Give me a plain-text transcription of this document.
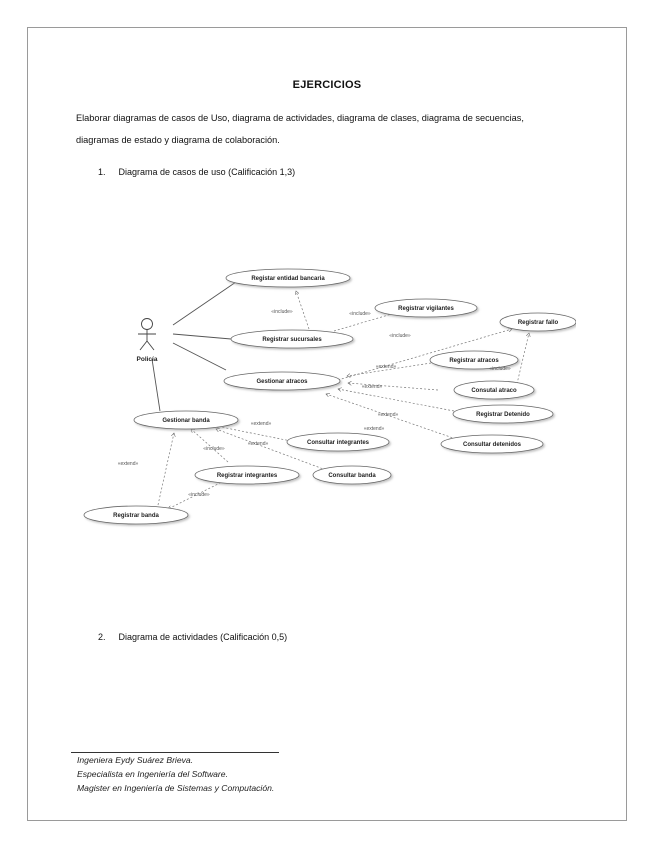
EJERCICIOS
Elaborar diagramas de casos de Uso, diagrama de actividades, diagrama de clases, diagrama de secuencias,
diagramas de estado y diagrama de colaboración.
1. Diagrama de casos de uso (Calificación 1,3)
Policía
Registar entidad bancaria
Registrar sucursales
Registrar vigilantes
Registrar fallo
Registrar atracos
Gestionar atracos
Consutal atraco
Registrar Detenido
Consultar detenidos
Gestionar banda
Consultar integrantes
Registrar integrantes	Consultar banda
Registrar banda
«include»	«include»
«include»
«extend»
«extend»
«include»
«extend»
«extend»
«extend»
«extend»
«include»
«extend»
«include»
2. Diagrama de actividades (Calificación 0,5)
Ingeniera Eydy Suárez Brieva.
Especialista en Ingeniería del Software.
Magister en Ingeniería de Sistemas y Computación.
